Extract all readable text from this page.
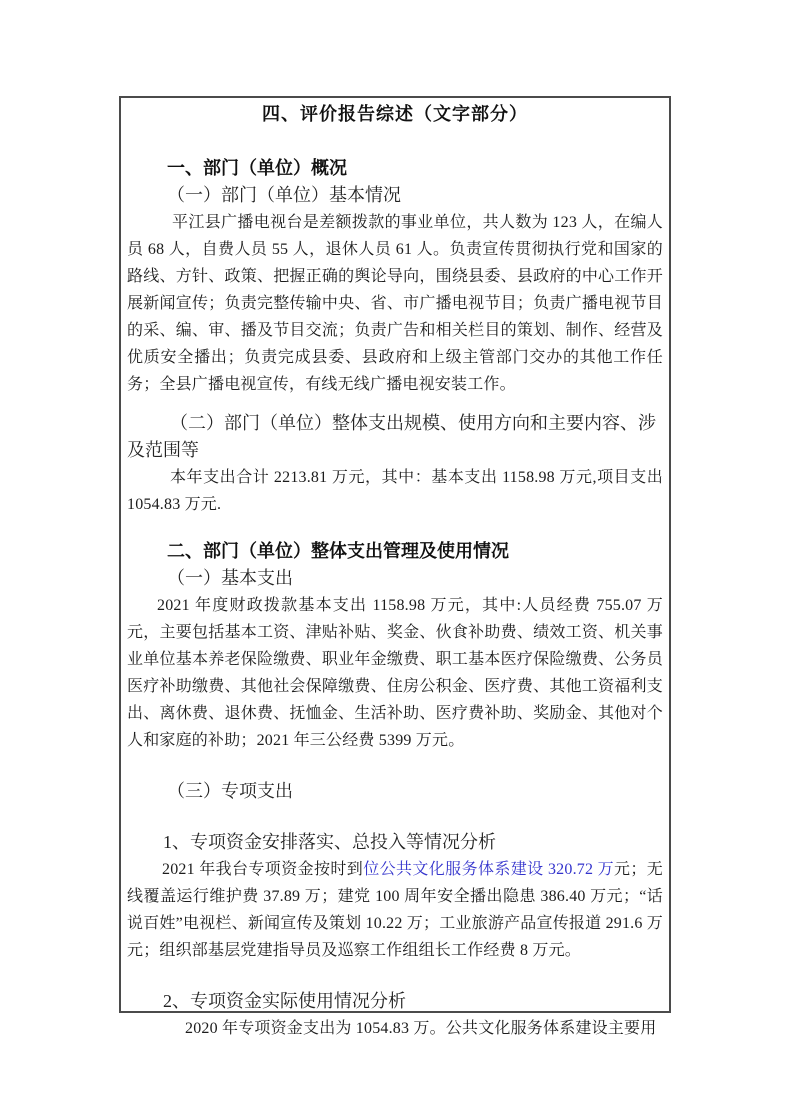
四、评价报告综述（文字部分）
一、部门（单位）概况
（一）部门（单位）基本情况

平江县广播电视台是差额拨款的事业单位，共人数为 123 人，在编人员 68 人，自费人员 55 人，退休人员 61 人。负责宣传贯彻执行党和国家的路线、方针、政策、把握正确的舆论导向，围绕县委、县政府的中心工作开展新闻宣传；负责完整传输中央、省、市广播电视节目；负责广播电视节目的采、编、审、播及节目交流；负责广告和相关栏目的策划、制作、经营及优质安全播出；负责完成县委、县政府和上级主管部门交办的其他工作任务；全县广播电视宣传，有线无线广播电视安装工作。

（二）部门（单位）整体支出规模、使用方向和主要内容、涉及范围等

本年支出合计 2213.81 万元，其中：基本支出 1158.98 万元,项目支出 1054.83 万元.

二、部门（单位）整体支出管理及使用情况
（一）基本支出

2021 年度财政拨款基本支出 1158.98 万元，其中:人员经费 755.07 万元，主要包括基本工资、津贴补贴、奖金、伙食补助费、绩效工资、机关事业单位基本养老保险缴费、职业年金缴费、职工基本医疗保险缴费、公务员医疗补助缴费、其他社会保障缴费、住房公积金、医疗费、其他工资福利支出、离休费、退休费、抚恤金、生活补助、医疗费补助、奖励金、其他对个人和家庭的补助；2021 年三公经费 5399 万元。

（三）专项支出
1、专项资金安排落实、总投入等情况分析

2021 年我台专项资金按时到位公共文化服务体系建设 320.72 万元；无线覆盖运行维护费 37.89 万；建党 100 周年安全播出隐患 386.40 万元；“话说百姓”电视栏、新闻宣传及策划 10.22 万；工业旅游产品宣传报道 291.6 万元；组织部基层党建指导员及巡察工作组组长工作经费 8 万元。

2、专项资金实际使用情况分析

2020 年专项资金支出为 1054.83 万。公共文化服务体系建设主要用
